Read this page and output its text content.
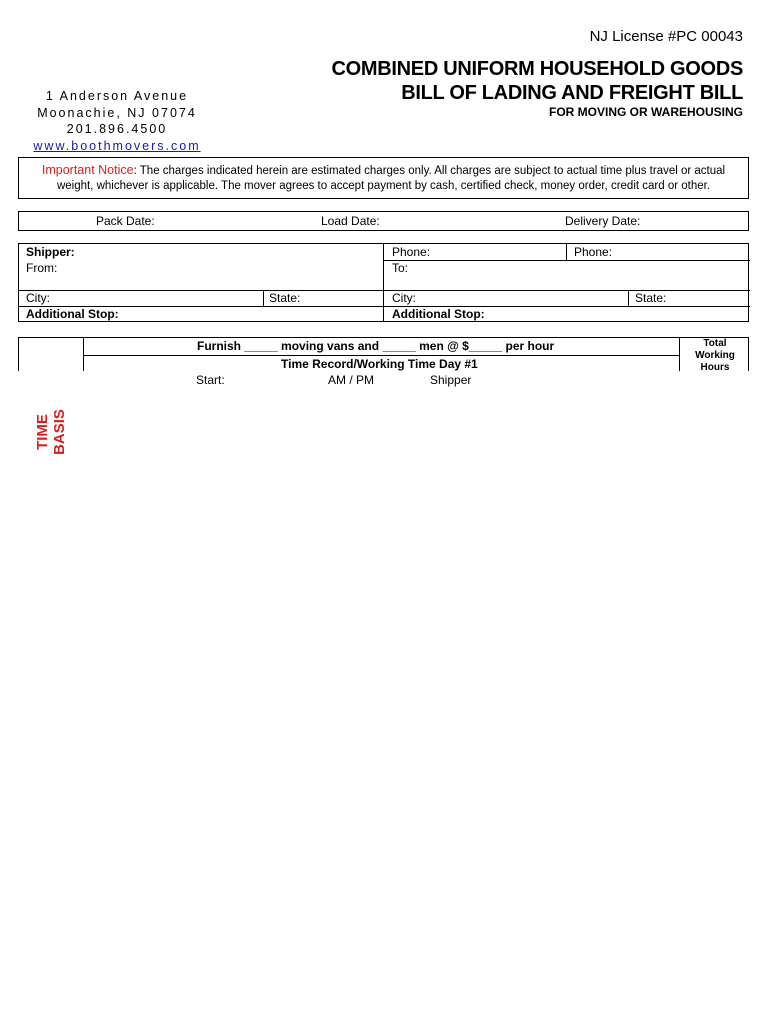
NJ License #PC 00043
COMBINED UNIFORM HOUSEHOLD GOODS
BILL OF LADING AND FREIGHT BILL
FOR MOVING OR WAREHOUSING
1 Anderson Avenue
Moonachie, NJ 07074
201.896.4500
www.boothmovers.com
Important Notice: The charges indicated herein are estimated charges only. All charges are subject to actual time plus travel or actual
weight, whichever is applicable. The mover agrees to accept payment by cash, certified check, money order, credit card or other.
Pack Date:	Load Date:	Delivery Date:
Shipper:
From:
Phone:	Phone:
To:
City:	State:	City:	State:
Additional Stop:	Additional Stop:
Furnish _____ moving vans and _____ men @ $_____ per hour
Time Record/Working Time Day #1
Total
Working
Hours
Start:	AM / PM	Shipper
TIME BASIS
